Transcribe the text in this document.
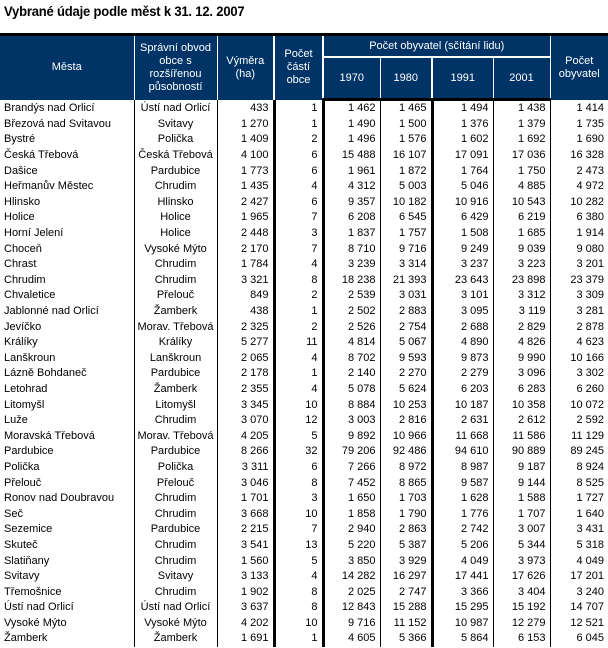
Vybrané údaje podle měst k 31. 12. 2007
Města	Správní obvod obce s rozšířenou působností	Výměra (ha)	Počet částí obce	Počet obyvatel (sčítání lidu)				Počet obyvatel
				1970	1980	1991	2001	
Brandýs nad Orlicí	Ústí nad Orlicí	433	1	1 462	1 465	1 494	1 438	1 414
Březová nad Svitavou	Svitavy	1 270	1	1 490	1 500	1 376	1 379	1 735
Bystré	Polička	1 409	2	1 496	1 576	1 602	1 692	1 690
Česká Třebová	Česká Třebová	4 100	6	15 488	16 107	17 091	17 036	16 328
Dašice	Pardubice	1 773	6	1 961	1 872	1 764	1 750	2 473
Heřmanův Městec	Chrudim	1 435	4	4 312	5 003	5 046	4 885	4 972
Hlinsko	Hlinsko	2 427	6	9 357	10 182	10 916	10 543	10 282
Holice	Holice	1 965	7	6 208	6 545	6 429	6 219	6 380
Horní Jelení	Holice	2 448	3	1 837	1 757	1 508	1 685	1 914
Choceň	Vysoké Mýto	2 170	7	8 710	9 716	9 249	9 039	9 080
Chrast	Chrudim	1 784	4	3 239	3 314	3 237	3 223	3 201
Chrudim	Chrudim	3 321	8	18 238	21 393	23 643	23 898	23 379
Chvaletice	Přelouč	849	2	2 539	3 031	3 101	3 312	3 309
Jablonné nad Orlicí	Žamberk	438	1	2 502	2 883	3 095	3 119	3 281
Jevíčko	Morav. Třebová	2 325	2	2 526	2 754	2 688	2 829	2 878
Králíky	Králíky	5 277	11	4 814	5 067	4 890	4 826	4 623
Lanškroun	Lanškroun	2 065	4	8 702	9 593	9 873	9 990	10 166
Lázně Bohdaneč	Pardubice	2 178	1	2 140	2 270	2 279	3 096	3 302
Letohrad	Žamberk	2 355	4	5 078	5 624	6 203	6 283	6 260
Litomyšl	Litomyšl	3 345	10	8 884	10 253	10 187	10 358	10 072
Luže	Chrudim	3 070	12	3 003	2 816	2 631	2 612	2 592
Moravská Třebová	Morav. Třebová	4 205	5	9 892	10 966	11 668	11 586	11 129
Pardubice	Pardubice	8 266	32	79 206	92 486	94 610	90 889	89 245
Polička	Polička	3 311	6	7 266	8 972	8 987	9 187	8 924
Přelouč	Přelouč	3 046	8	7 452	8 865	9 587	9 144	8 525
Ronov nad Doubravou	Chrudim	1 701	3	1 650	1 703	1 628	1 588	1 727
Seč	Chrudim	3 668	10	1 858	1 790	1 776	1 707	1 640
Sezemice	Pardubice	2 215	7	2 940	2 863	2 742	3 007	3 431
Skuteč	Chrudim	3 541	13	5 220	5 387	5 206	5 344	5 318
Slatiňany	Chrudim	1 560	5	3 850	3 929	4 049	3 973	4 049
Svitavy	Svitavy	3 133	4	14 282	16 297	17 441	17 626	17 201
Třemošnice	Chrudim	1 902	8	2 025	2 747	3 366	3 404	3 240
Ústí nad Orlicí	Ústí nad Orlicí	3 637	8	12 843	15 288	15 295	15 192	14 707
Vysoké Mýto	Vysoké Mýto	4 202	10	9 716	11 152	10 987	12 279	12 521
Žamberk	Žamberk	1 691	1	4 605	5 366	5 864	6 153	6 045
